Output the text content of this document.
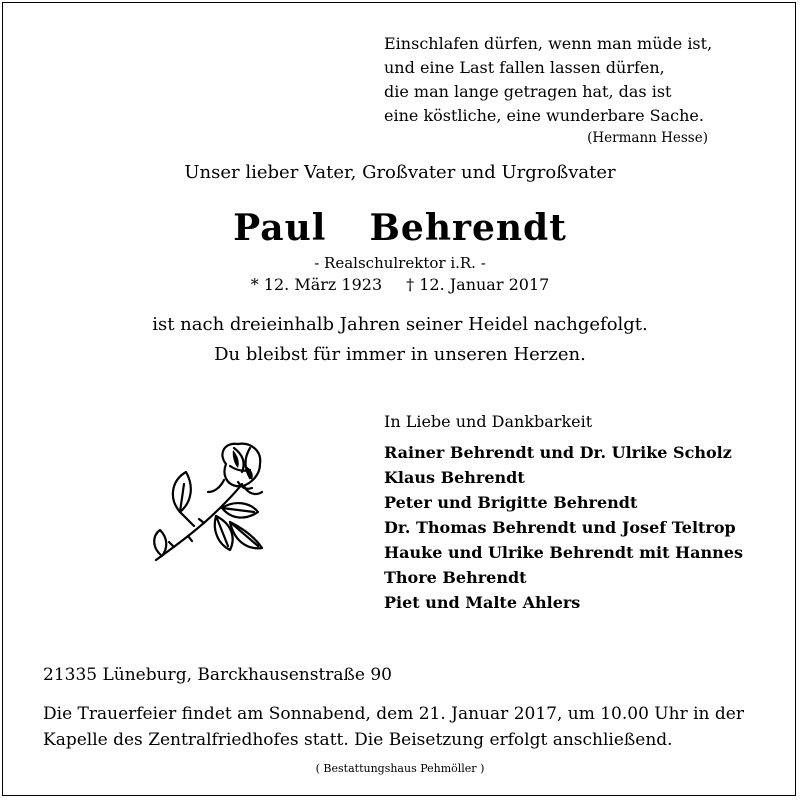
Einschlafen dürfen, wenn man müde ist,
und eine Last fallen lassen dürfen,
die man lange getragen hat, das ist
eine köstliche, eine wunderbare Sache.
(Hermann Hesse)
Unser lieber Vater, Großvater und Urgroßvater
Paul  Behrendt
- Realschulrektor i.R. -
* 12. März 1923 † 12. Januar 2017
ist nach dreieinhalb Jahren seiner Heidel nachgefolgt.
Du bleibst für immer in unseren Herzen.
In Liebe und Dankbarkeit
Rainer Behrendt und Dr. Ulrike Scholz
Klaus Behrendt
Peter und Brigitte Behrendt
Dr. Thomas Behrendt und Josef Teltrop
Hauke und Ulrike Behrendt mit Hannes
Thore Behrendt
Piet und Malte Ahlers
21335 Lüneburg, Barckhausenstraße 90
Die Trauerfeier findet am Sonnabend, dem 21. Januar 2017, um 10.00 Uhr in der
Kapelle des Zentralfriedhofes statt. Die Beisetzung erfolgt anschließend.
( Bestattungshaus Pehmöller )
